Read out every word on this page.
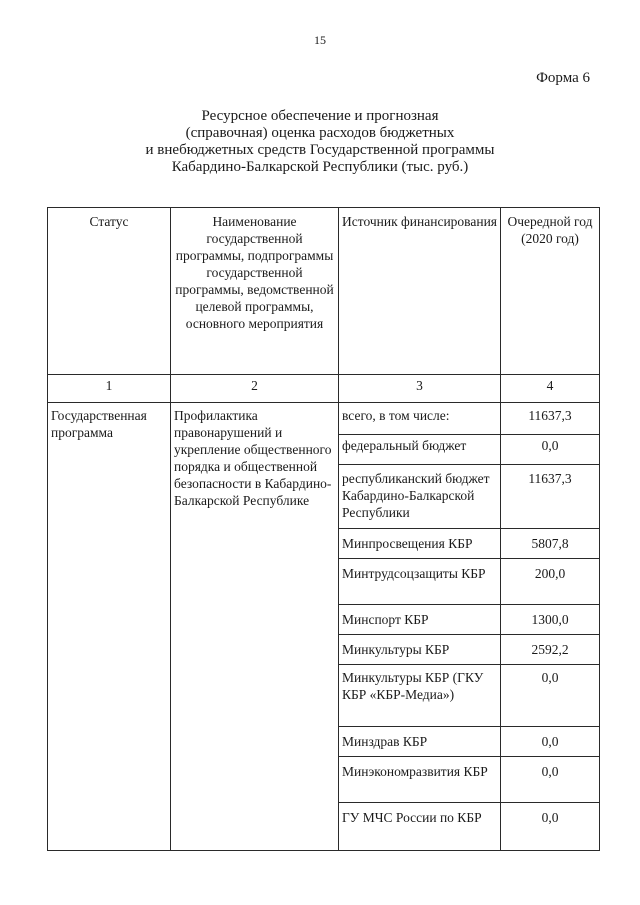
15
Форма 6
Ресурсное обеспечение и прогнозная
(справочная) оценка расходов бюджетных
и внебюджетных средств Государственной программы
Кабардино-Балкарской Республики (тыс. руб.)
Статус	Наименование государственной программы, подпрограммы государственной программы, ведомственной целевой программы, основного мероприятия	Источник финансирования	Очередной год (2020 год)
1	2	3	4
Государственная программа	Профилактика правонарушений и укрепление общественного порядка и общественной безопасности в Кабардино-Балкарской Республике	всего, в том числе:	11637,3
		федеральный бюджет	0,0
		республиканский бюджет Кабардино-Балкарской Республики	11637,3
		Минпросвещения КБР	5807,8
		Минтрудсоцзащиты КБР	200,0
		Минспорт КБР	1300,0
		Минкультуры КБР	2592,2
		Минкультуры КБР (ГКУ КБР «КБР-Медиа»)	0,0
		Минздрав КБР	0,0
		Минэкономразвития КБР	0,0
		ГУ МЧС России по КБР	0,0
